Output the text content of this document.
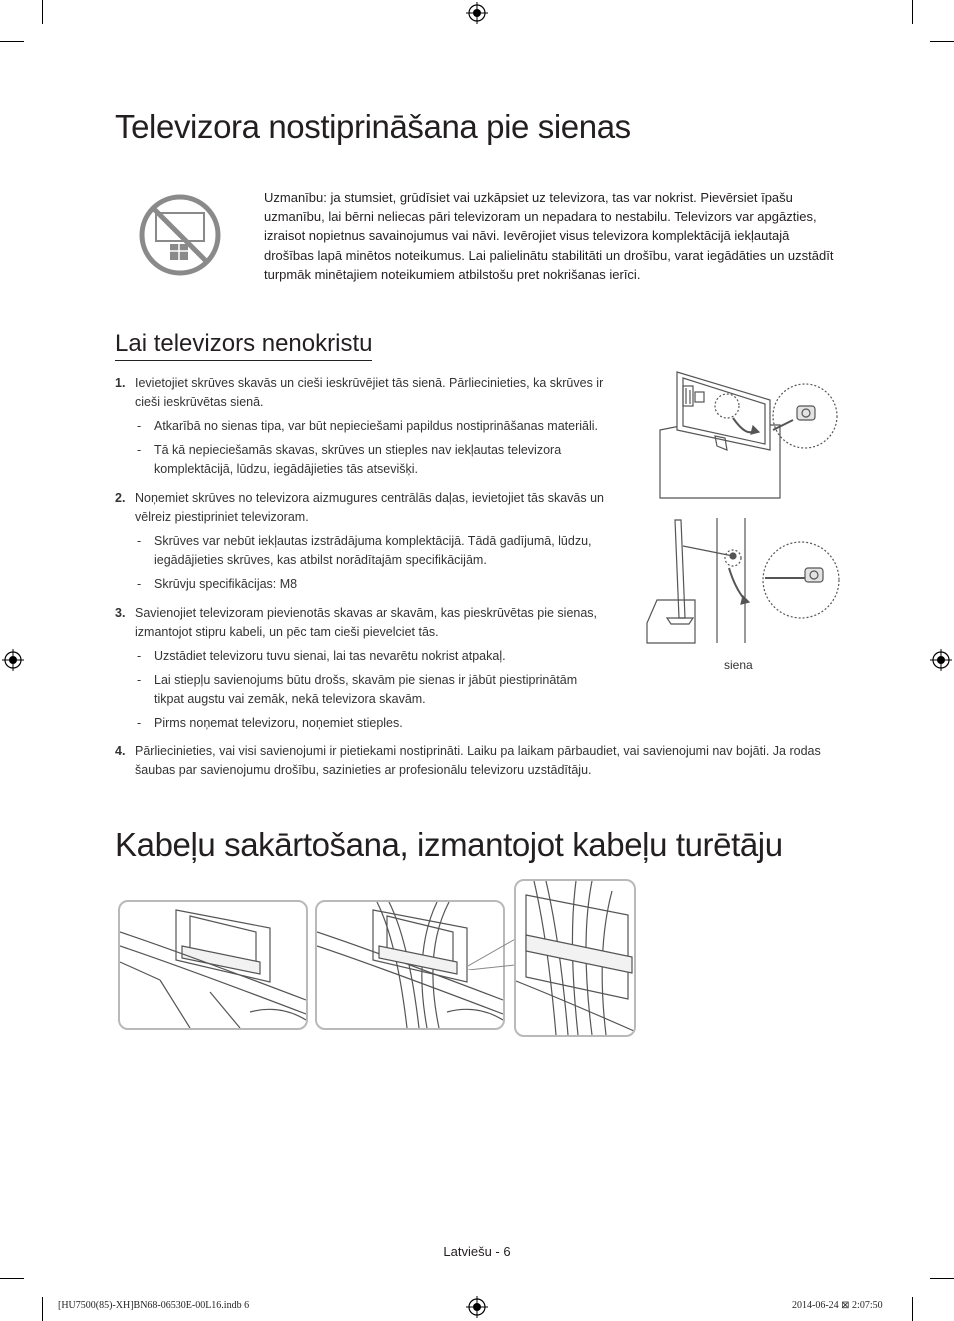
Televizora nostiprināšana pie sienas
Uzmanību: ja stumsiet, grūdīsiet vai uzkāpsiet uz televizora, tas var nokrist. Pievērsiet īpašu uzmanību, lai bērni neliecas pāri televizoram un nepadara to nestabilu. Televizors var apgāzties, izraisot nopietnus savainojumus vai nāvi. Ievērojiet visus televizora komplektācijā iekļautajā drošības lapā minētos noteikumus. Lai palielinātu stabilitāti un drošību, varat iegādāties un uzstādīt turpmāk minētajiem noteikumiem atbilstošu pret nokrišanas ierīci.
Lai televizors nenokristu
1. Ievietojiet skrūves skavās un cieši ieskrūvējiet tās sienā. Pārliecinieties, ka skrūves ir
cieši ieskrūvētas sienā.
- Atkarībā no sienas tipa, var būt nepieciešami papildus nostiprināšanas materiāli.
- Tā kā nepieciešamās skavas, skrūves un stieples nav iekļautas televizora
komplektācijā, lūdzu, iegādājieties tās atsevišķi.
2. Noņemiet skrūves no televizora aizmugures centrālās daļas, ievietojiet tās skavās un
vēlreiz piestipriniet televizoram.
- Skrūves var nebūt iekļautas izstrādājuma komplektācijā. Tādā gadījumā, lūdzu,
iegādājieties skrūves, kas atbilst norādītajām specifikācijām.
- Skrūvju specifikācijas: M8
3. Savienojiet televizoram pievienotās skavas ar skavām, kas pieskrūvētas pie sienas,
izmantojot stipru kabeli, un pēc tam cieši pievelciet tās.
- Uzstādiet televizoru tuvu sienai, lai tas nevarētu nokrist atpakaļ.
- Lai stiepļu savienojums būtu drošs, skavām pie sienas ir jābūt piestiprinātām
tikpat augstu vai zemāk, nekā televizora skavām.
- Pirms noņemat televizoru, noņemiet stieples.
4. Pārliecinieties, vai visi savienojumi ir pietiekami nostiprināti. Laiku pa laikam pārbaudiet, vai savienojumi nav bojāti. Ja rodas
šaubas par savienojumu drošību, sazinieties ar profesionālu televizoru uzstādītāju.
siena
Kabeļu sakārtošana, izmantojot kabeļu turētāju
Latviešu - 6
[HU7500(85)-XH]BN68-06530E-00L16.indb 6	2014-06-24 ⊠ 2:07:50
